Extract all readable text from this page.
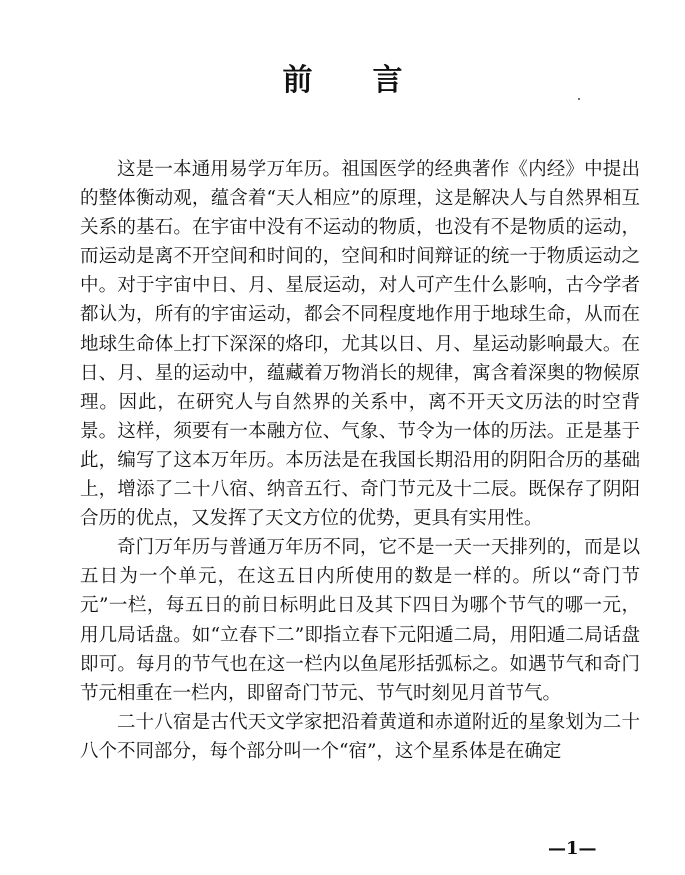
前　　言

这是一本通用易学万年历。祖国医学的经典著作《内经》中提出的整体衡动观，蕴含着“天人相应”的原理，这是解决人与自然界相互关系的基石。在宇宙中没有不运动的物质，也没有不是物质的运动，而运动是离不开空间和时间的，空间和时间辩证的统一于物质运动之中。对于宇宙中日、月、星辰运动，对人可产生什么影响，古今学者都认为，所有的宇宙运动，都会不同程度地作用于地球生命，从而在地球生命体上打下深深的烙印，尤其以日、月、星运动影响最大。在日、月、星的运动中，蕴藏着万物消长的规律，寓含着深奥的物候原理。因此，在研究人与自然界的关系中，离不开天文历法的时空背景。这样，须要有一本融方位、气象、节令为一体的历法。正是基于此，编写了这本万年历。本历法是在我国长期沿用的阴阳合历的基础上，增添了二十八宿、纳音五行、奇门节元及十二辰。既保存了阴阳合历的优点，又发挥了天文方位的优势，更具有实用性。

奇门万年历与普通万年历不同，它不是一天一天排列的，而是以五日为一个单元，在这五日内所使用的数是一样的。所以“奇门节元”一栏，每五日的前日标明此日及其下四日为哪个节气的哪一元，用几局话盘。如“立春下二”即指立春下元阳遁二局，用阳遁二局话盘即可。每月的节气也在这一栏内以鱼尾形括弧标之。如遇节气和奇门节元相重在一栏内，即留奇门节元、节气时刻见月首节气。

二十八宿是古代天文学家把沿着黄道和赤道附近的星象划为二十八个不同部分，每个部分叫一个“宿”，这个星系体是在确定

—1—
